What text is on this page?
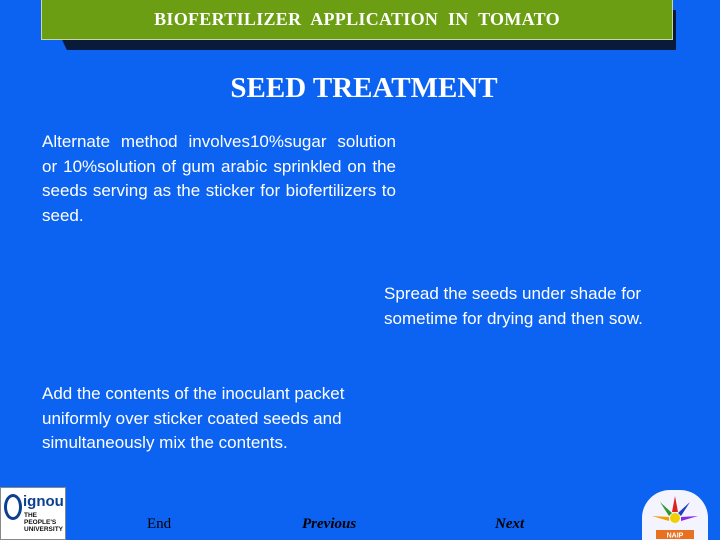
BIOFERTILIZER APPLICATION IN TOMATO
SEED TREATMENT
Alternate method involves10%sugar solution or 10%solution of gum arabic sprinkled on the seeds serving as the sticker for biofertilizers to seed.
Spread the seeds under shade for sometime for drying and then sow.
Add the contents of the inoculant packet uniformly over sticker coated seeds and simultaneously mix the contents.
ignou
THE PEOPLE'S UNIVERSITY	End	Previous	Next
NAIP
